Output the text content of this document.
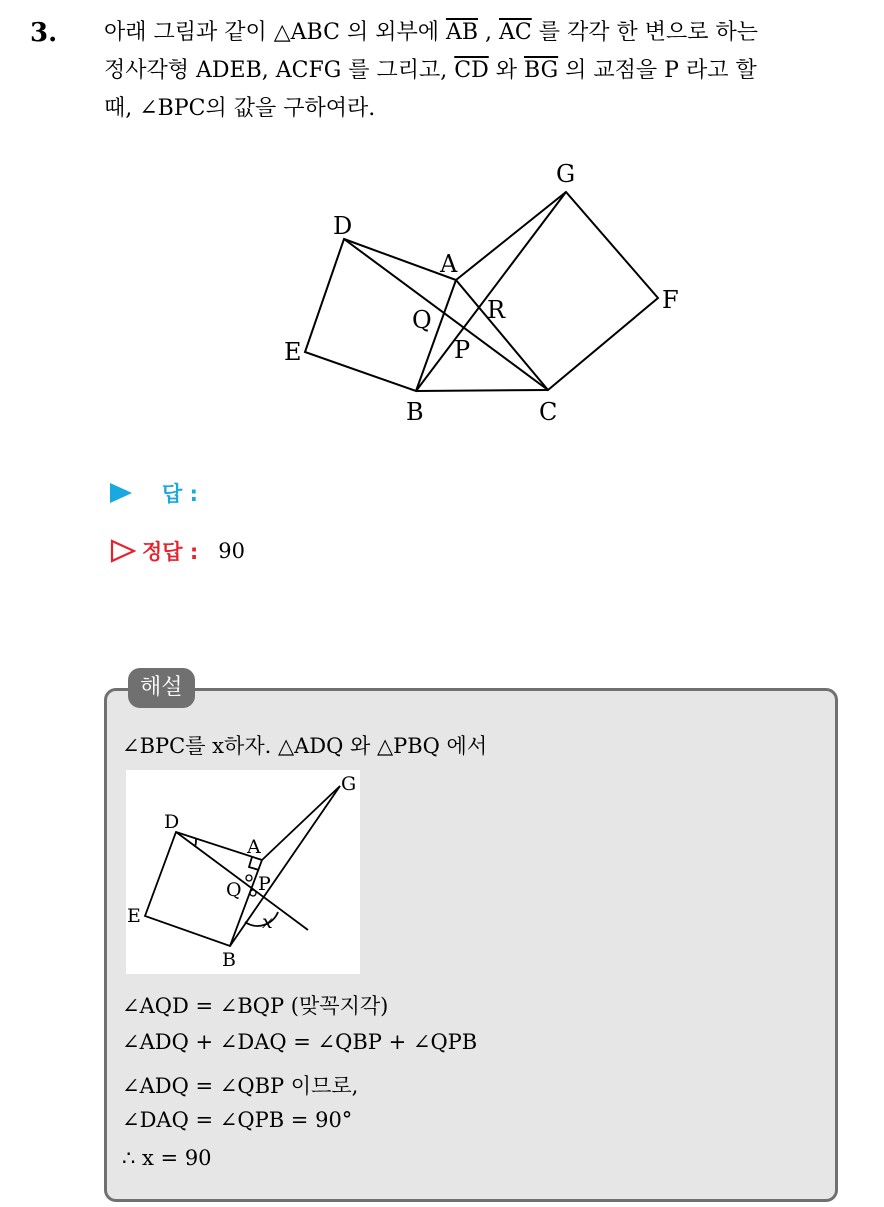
3. 아래 그림과 같이 △ABC 의 외부에 $\overline{AB}$ , $\overline{AC}$ 를 각각 한 변으로 하는
정사각형 ADEB, ACFG 를 그리고, $\overline{CD}$ 와 $\overline{BG}$ 의 교점을 P 라고 할
때, ∠BPC의 값을 구하여라.
G
D
A
F
Q R
E	P
B	C
답 :
정답 : 90
해설
∠BPC를 x하자. △ADQ 와 △PBQ 에서
G
D
A
Q P
E
B
x
∠AQD = ∠BQP (맞꼭지각)
∠ADQ + ∠DAQ = ∠QBP + ∠QPB
∠ADQ = ∠QBP 이므로,
∠DAQ = ∠QPB = 90°
∴ x = 90
